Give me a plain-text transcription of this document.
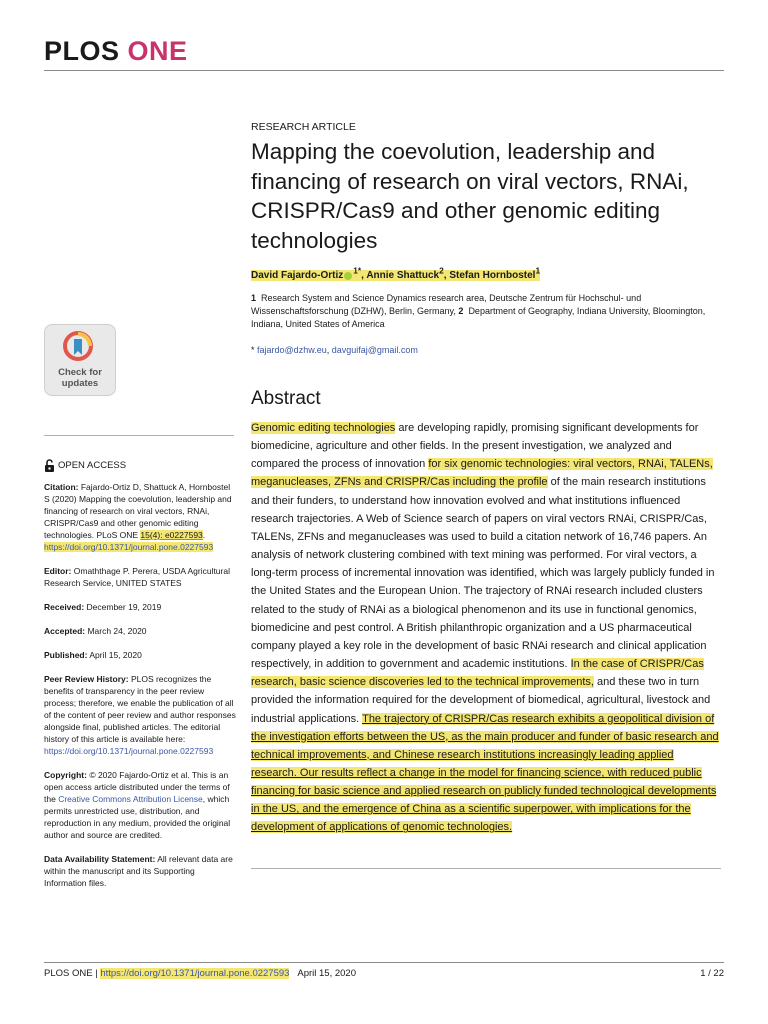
PLOS ONE
RESEARCH ARTICLE
Mapping the coevolution, leadership and financing of research on viral vectors, RNAi, CRISPR/Cas9 and other genomic editing technologies
David Fajardo-Ortiz $^{1*}$, Annie Shattuck$^2$, Stefan Hornbostel$^1$
1 Research System and Science Dynamics research area, Deutsche Zentrum für Hochschul- und Wissenschaftsforschung (DZHW), Berlin, Germany, 2 Department of Geography, Indiana University, Bloomington, Indiana, United States of America
* fajardo@dzhw.eu, davguifaj@gmail.com
Abstract
Genomic editing technologies are developing rapidly, promising significant developments for biomedicine, agriculture and other fields. In the present investigation, we analyzed and compared the process of innovation for six genomic technologies: viral vectors, RNAi, TALENs, meganucleases, ZFNs and CRISPR/Cas including the profile of the main research institutions and their funders, to understand how innovation evolved and what institutions influenced research trajectories. A Web of Science search of papers on viral vectors RNAi, CRISPR/Cas, TALENs, ZFNs and meganucleases was used to build a citation network of 16,746 papers. An analysis of network clustering combined with text mining was performed. For viral vectors, a long-term process of incremental innovation was identified, which was largely publicly funded in the United States and the European Union. The trajectory of RNAi research included clusters related to the study of RNAi as a biological phenomenon and its use in functional genomics, biomedicine and pest control. A British philanthropic organization and a US pharmaceutical company played a key role in the development of basic RNAi research and clinical application respectively, in addition to government and academic institutions. In the case of CRISPR/Cas research, basic science discoveries led to the technical improvements, and these two in turn provided the information required for the development of biomedical, agricultural, livestock and industrial applications. The trajectory of CRISPR/Cas research exhibits a geopolitical division of the investigation efforts between the US, as the main producer and funder of basic research and technical improvements, and Chinese research institutions increasingly leading applied research. Our results reflect a change in the model for financing science, with reduced public financing for basic science and applied research on publicly funded technological developments in the US, and the emergence of China as a scientific superpower, with implications for the development of applications of genomic technologies.
Check for
updates
OPEN ACCESS

Citation: Fajardo-Ortiz D, Shattuck A, Hornbostel S (2020) Mapping the coevolution, leadership and financing of research on viral vectors, RNAi, CRISPR/Cas9 and other genomic editing technologies. PLoS ONE 15(4): e0227593. https://doi.org/10.1371/journal.pone.0227593

Editor: Omaththage P. Perera, USDA Agricultural Research Service, UNITED STATES

Received: December 19, 2019

Accepted: March 24, 2020

Published: April 15, 2020

Peer Review History: PLOS recognizes the benefits of transparency in the peer review process; therefore, we enable the publication of all of the content of peer review and author responses alongside final, published articles. The editorial history of this article is available here: https://doi.org/10.1371/journal.pone.0227593

Copyright: © 2020 Fajardo-Ortiz et al. This is an open access article distributed under the terms of the Creative Commons Attribution License, which permits unrestricted use, distribution, and reproduction in any medium, provided the original author and source are credited.

Data Availability Statement: All relevant data are within the manuscript and its Supporting Information files.

PLOS ONE | https://doi.org/10.1371/journal.pone.0227593 April 15, 2020	1 / 22
